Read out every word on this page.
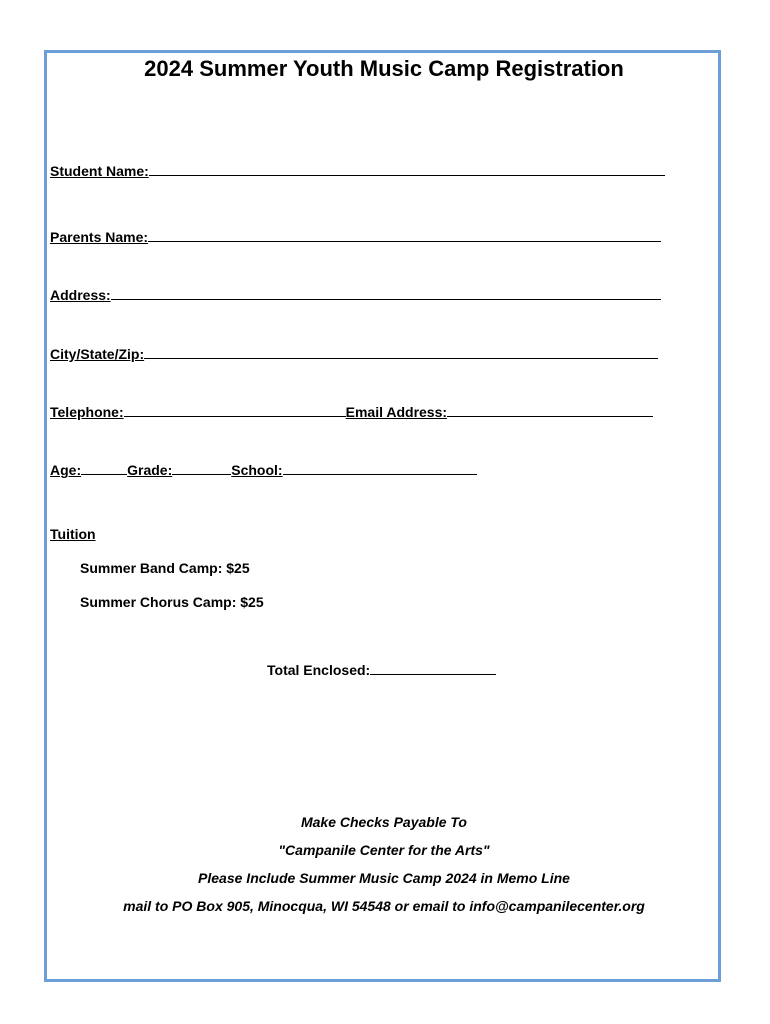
2024 Summer Youth Music Camp Registration
Student Name:
Parents Name:
Address:
City/State/Zip:
Telephone:	Email Address:
Age:	Grade:	School:
Tuition
Summer Band Camp: $25
Summer Chorus Camp: $25
Total Enclosed:
Make Checks Payable To
"Campanile Center for the Arts"
Please Include Summer Music Camp 2024 in Memo Line
mail to PO Box 905, Minocqua, WI 54548 or email to info@campanilecenter.org
